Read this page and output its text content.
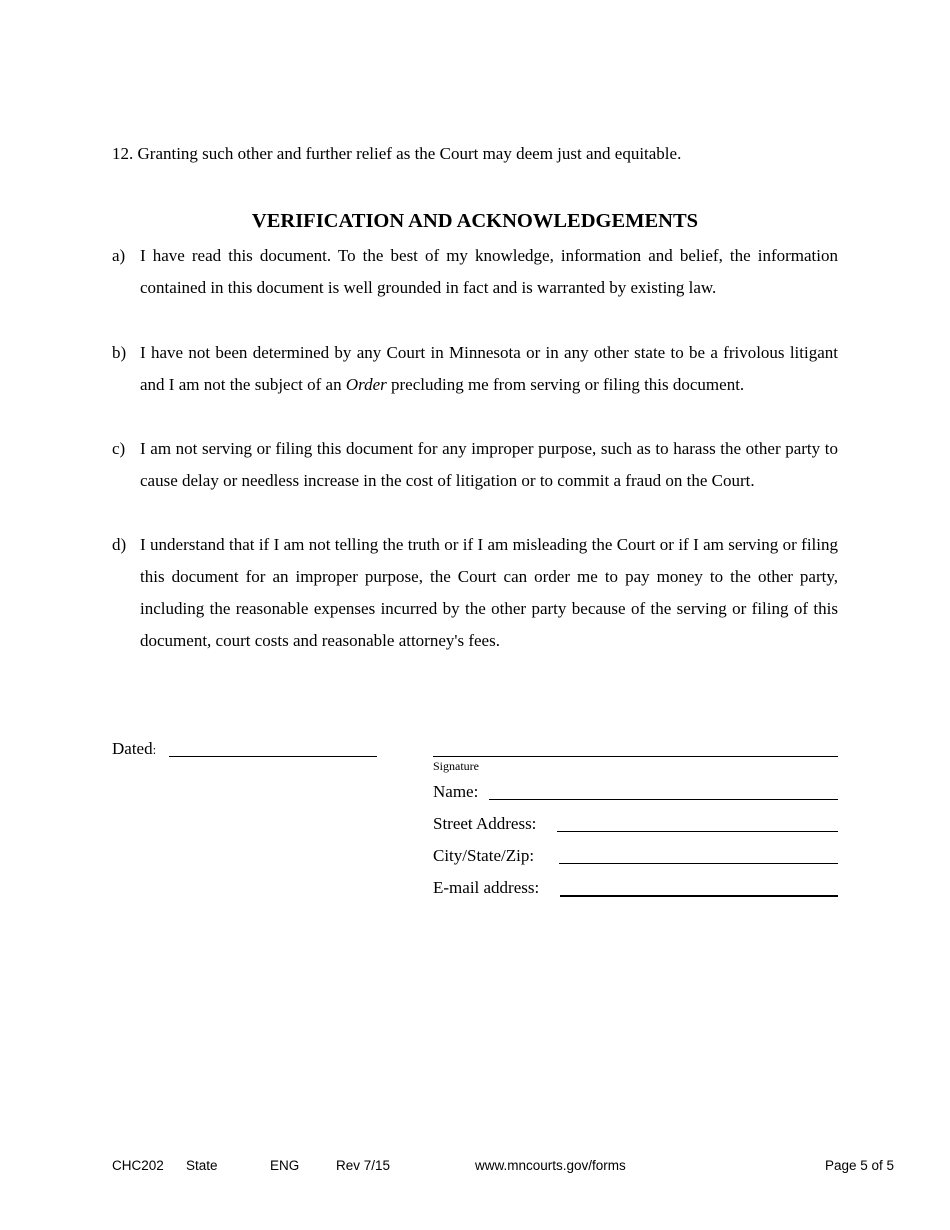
12. Granting such other and further relief as the Court may deem just and equitable.
VERIFICATION AND ACKNOWLEDGEMENTS
a) I have read this document. To the best of my knowledge, information and belief, the information contained in this document is well grounded in fact and is warranted by existing law.
b) I have not been determined by any Court in Minnesota or in any other state to be a frivolous litigant and I am not the subject of an Order precluding me from serving or filing this document.
c) I am not serving or filing this document for any improper purpose, such as to harass the other party to cause delay or needless increase in the cost of litigation or to commit a fraud on the Court.
d) I understand that if I am not telling the truth or if I am misleading the Court or if I am serving or filing this document for an improper purpose, the Court can order me to pay money to the other party, including the reasonable expenses incurred by the other party because of the serving or filing of this document, court costs and reasonable attorney's fees.
Dated:
Signature
Name:
Street Address:
City/State/Zip:
E-mail address:
CHC202 State	ENG	Rev 7/15	www.mncourts.gov/forms	Page 5 of 5
